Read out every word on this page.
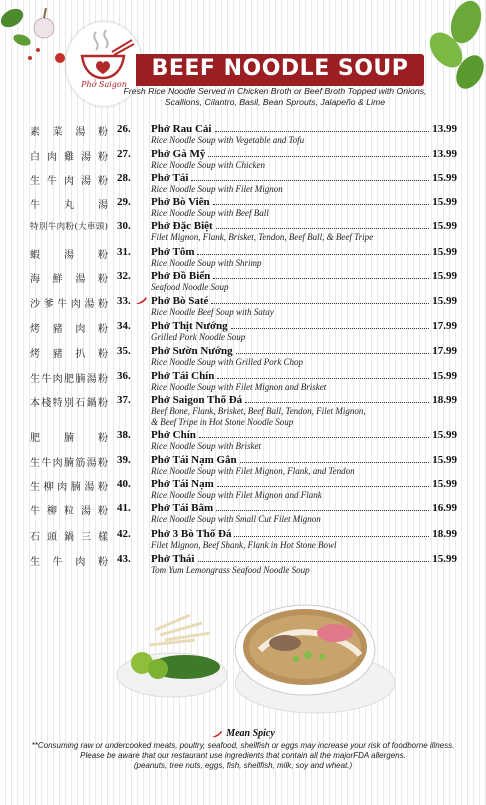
Phở Saigon
BEEF NOODLE SOUP
Fresh Rice Noodle Served in Chicken Broth or Beef Broth Topped with Onions,
Scallions, Cilantro, Basil, Bean Sprouts, Jalapeño & Lime
素菜湯粉 26. Phở Rau Cải	13.99
Rice Noodle Soup with Vegetable and Tofu
白肉雞湯粉 27. Phở Gà Mỹ	13.99
Rice Noodle Soup with Chicken
生牛肉湯粉 28. Phở Tái	15.99
Rice Noodle Soup with Filet Mignon
牛丸湯 29. Phở Bò Viên	15.99
Rice Noodle Soup with Beef Ball
特別牛肉粉(大車頭) 30. Phở Đặc Biệt	15.99
Filet Mignon, Flank, Brisket, Tendon, Beef Ball, & Beef Tripe
蝦湯粉 31. Phở Tôm	15.99
Rice Noodle Soup with Shrimp
海鮮湯粉 32. Phở Đồ Biển	15.99
Seafood Noodle Soup
沙爹牛肉湯粉 33. Phở Bò Saté	15.99
Rice Noodle Beef Soup with Satay
烤豬肉粉 34. Phở Thịt Nướng	17.99
Grilled Pork Noodle Soup
烤豬扒粉 35. Phở Sườn Nướng	17.99
Rice Noodle Soup with Grilled Pork Chop
生牛肉肥腩湯粉 36. Phở Tái Chín	15.99
Rice Noodle Soup with Filet Mignon and Brisket
本棧特別石鍋粉 37. Phở Saigon Thố Đá	18.99
Beef Bone, Flank, Brisket, Beef Ball, Tendon, Filet Mignon,
& Beef Tripe in Hot Stone Noodle Soup
肥腩粉 38. Phở Chín	15.99
Rice Noodle Soup with Brisket
生牛肉腩筋湯粉 39. Phở Tái Nạm Gân	15.99
Rice Noodle Soup with Filet Mignon, Flank, and Tendon
生柳肉腩湯粉 40. Phở Tái Nạm	15.99
Rice Noodle Soup with Filet Mignon and Flank
牛柳粒湯粉 41. Phở Tái Bằm	16.99
Rice Noodle Soup with Small Cut Filet Mignon
石頭鍋三樣 42. Phở 3 Bò Thố Đá	18.99
Filet Mignon, Beef Shank, Flank in Hot Stone Bowl
生牛肉粉 43. Phở Thái	15.99
Tom Yum Lemongrass Seafood Noodle Soup
Mean Spicy
**Consuming raw or undercooked meats, poultry, seafood, shellfish or eggs may increase your risk of foodborne illness.
Please be aware that our restaurant use ingredients that contain all the majorFDA allergens.
(peanuts, tree nuts, eggs, fish, shellfish, milk, soy and wheat.)
